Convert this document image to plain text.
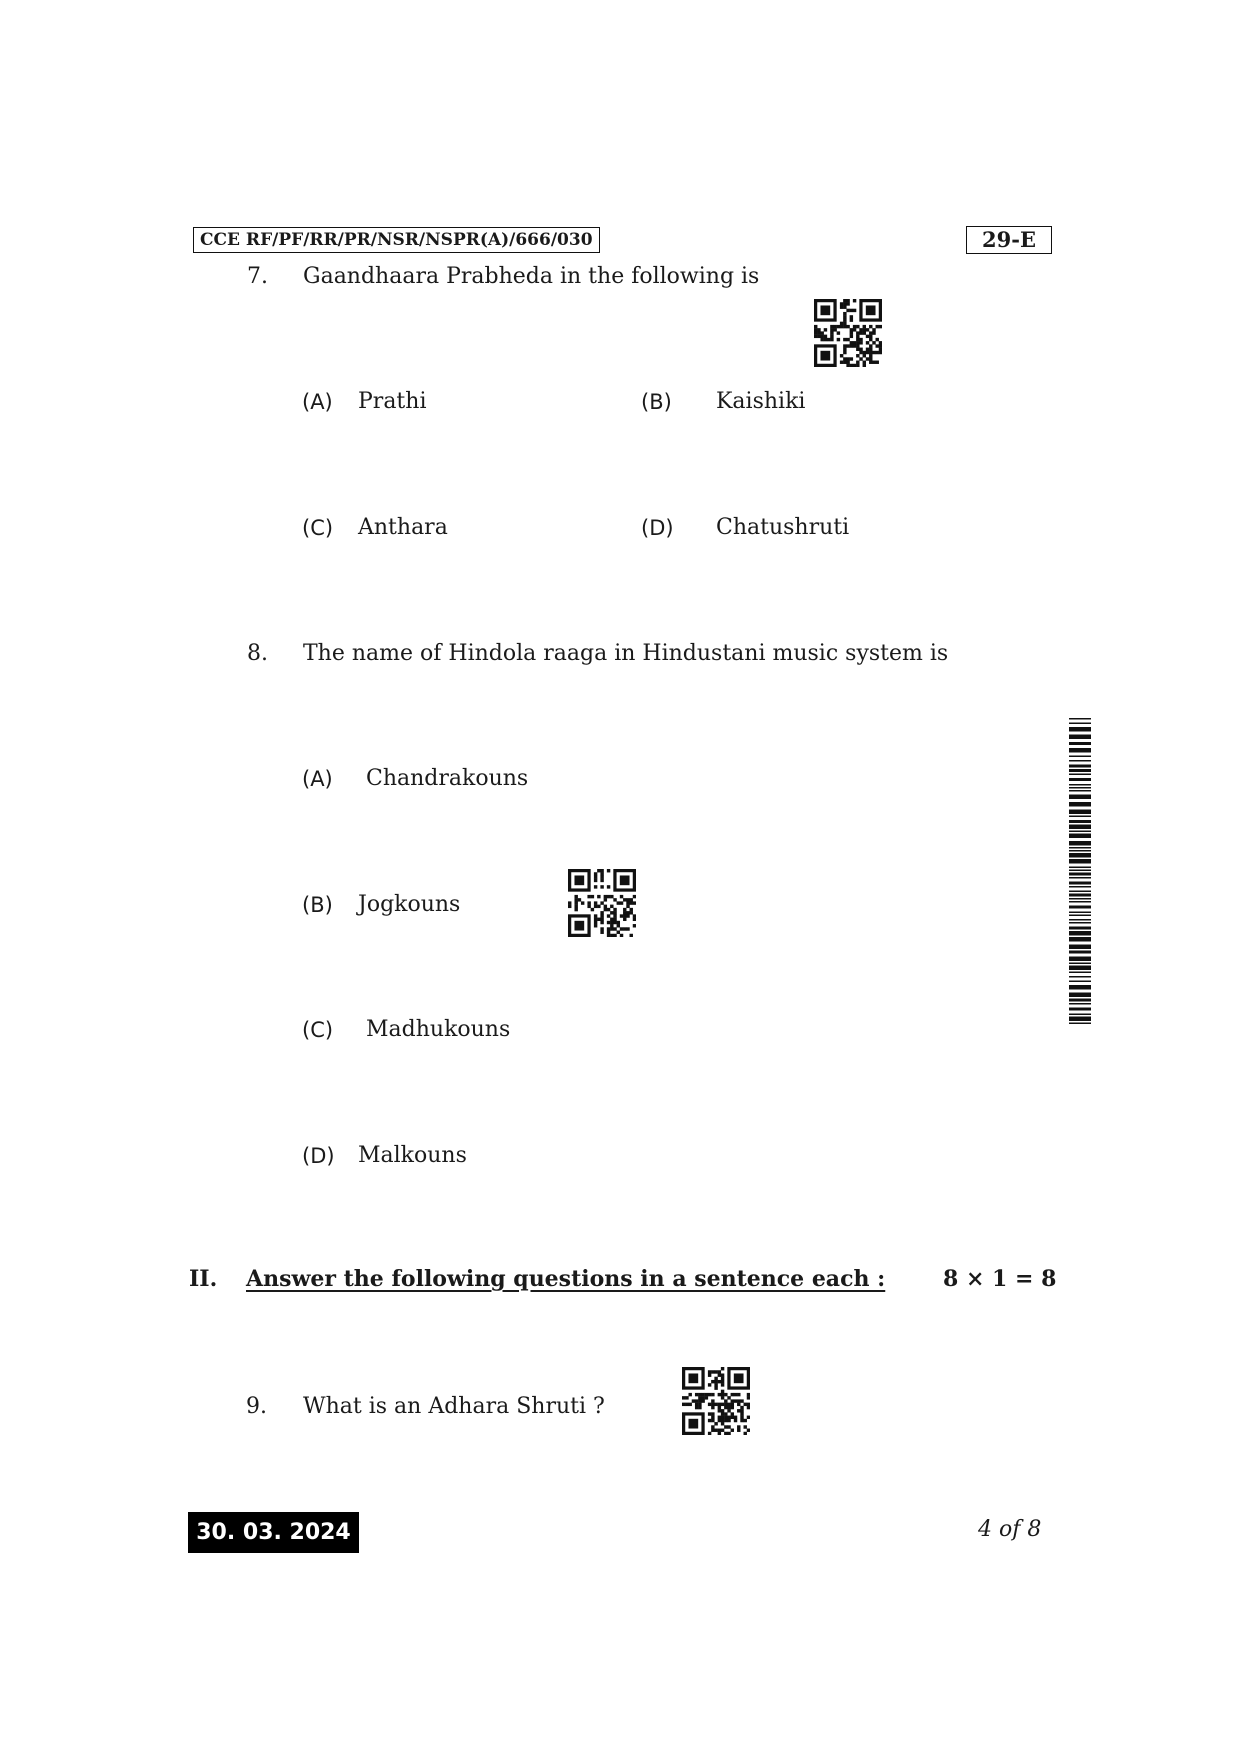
CCE RF/PF/RR/PR/NSR/NSPR(A)/666/030	29-E
7. Gaandhaara Prabheda in the following is
(A) Prathi	(B) Kaishiki
(C) Anthara	(D) Chatushruti
8. The name of Hindola raaga in Hindustani music system is
(A) Chandrakouns
(B) Jogkouns
(C) Madhukouns
(D) Malkouns
II. Answer the following questions in a sentence each :	8 × 1 = 8
9. What is an Adhara Shruti ?
30. 03. 2024	4 of 8
